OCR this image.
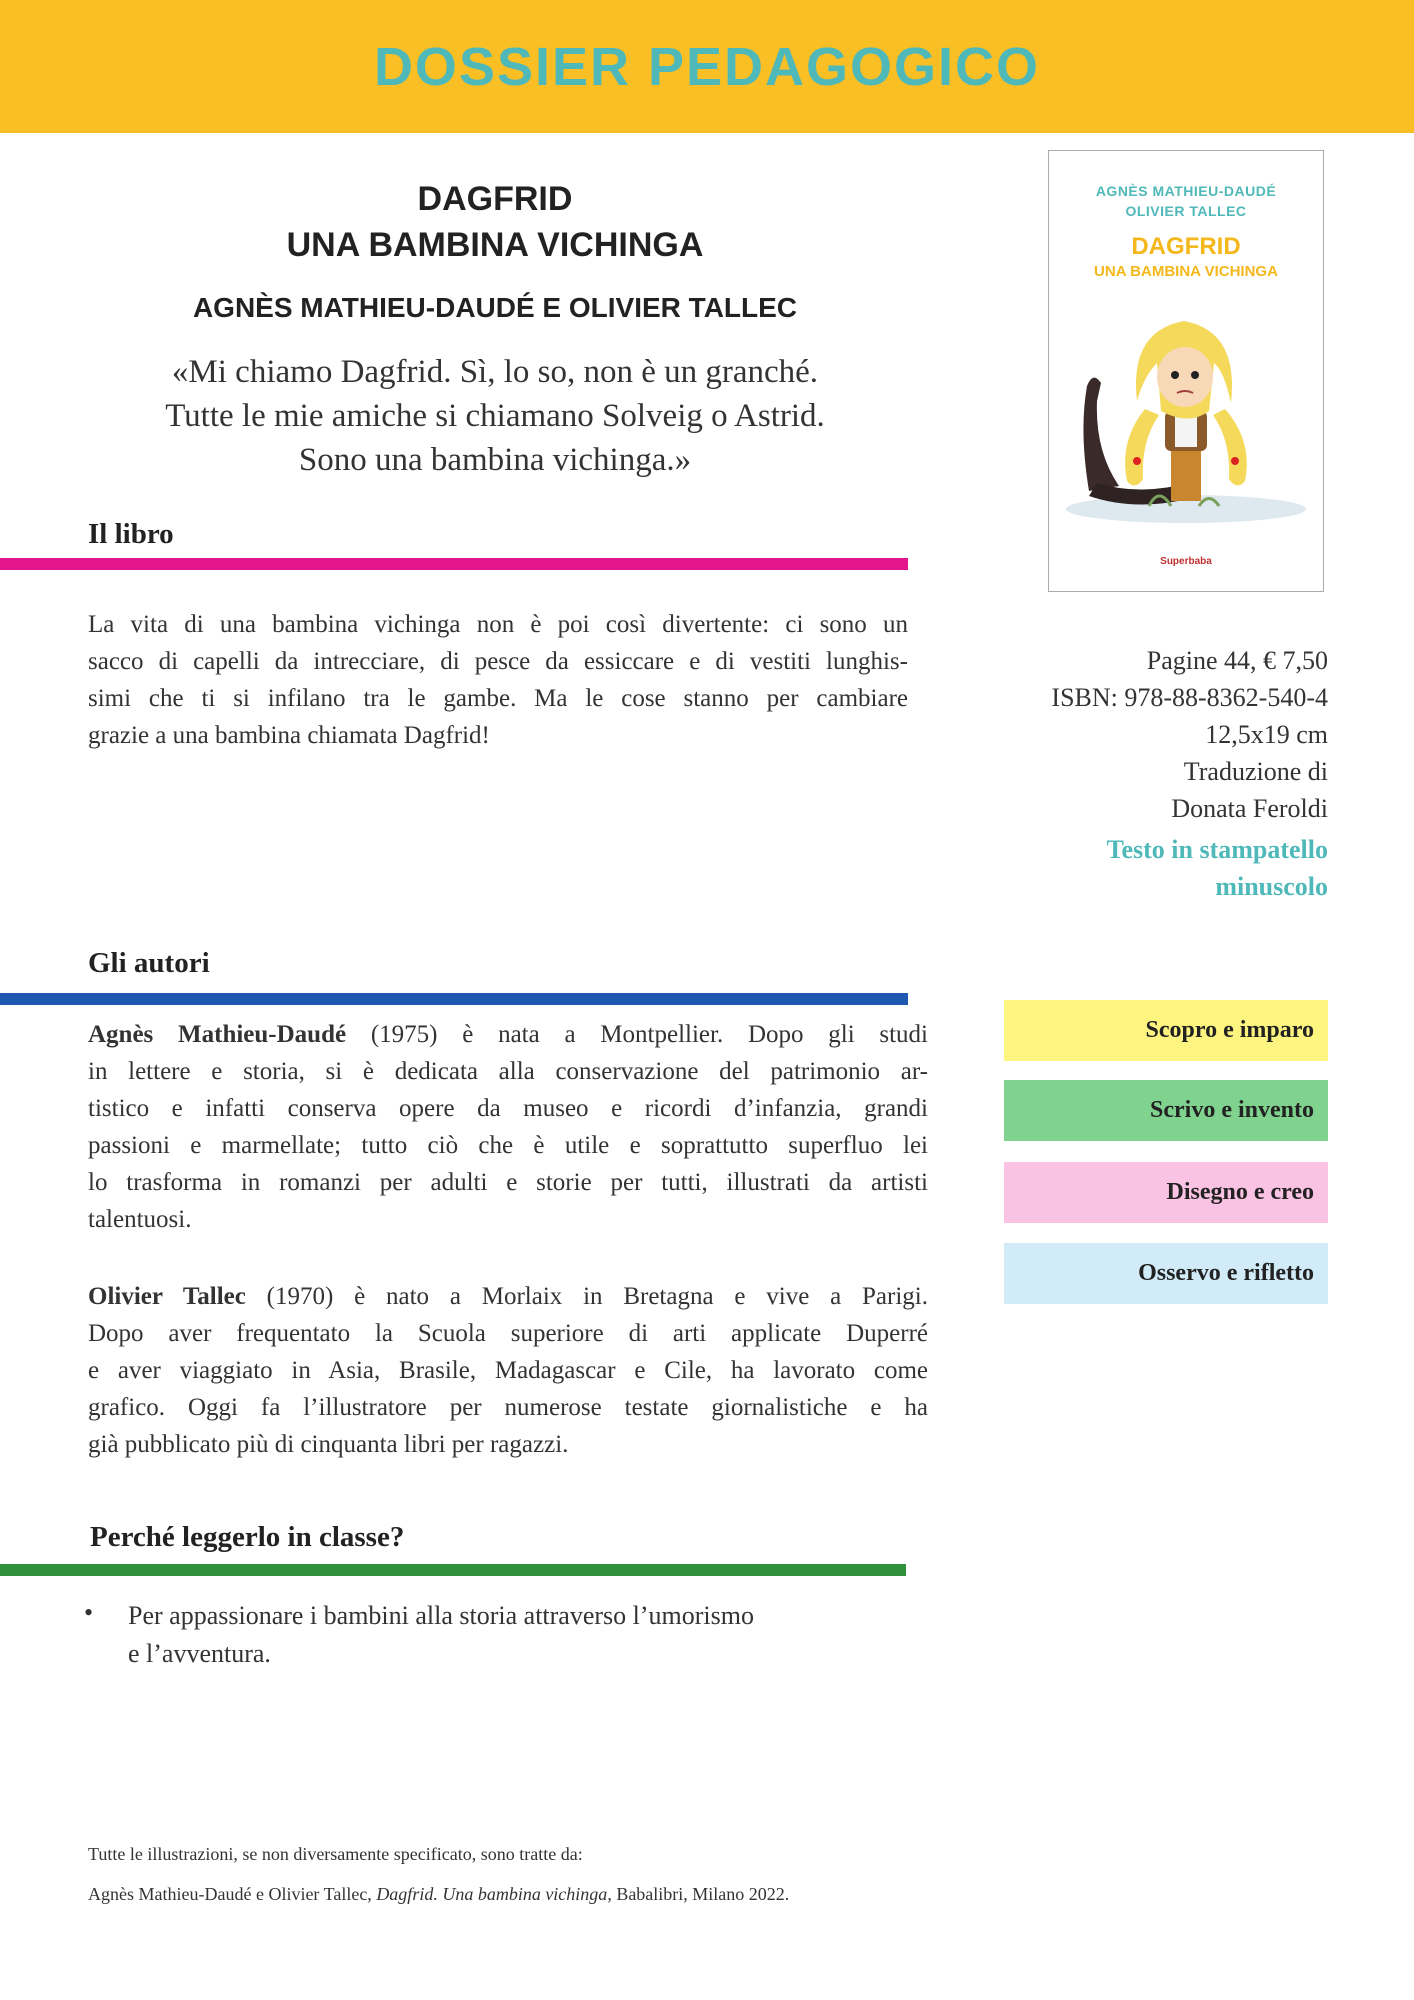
DOSSIER PEDAGOGICO
DAGFRID
UNA BAMBINA VICHINGA
AGNÈS MATHIEU-DAUDÉ E OLIVIER TALLEC
«Mi chiamo Dagfrid. Sì, lo so, non è un granché.
Tutte le mie amiche si chiamano Solveig o Astrid.
Sono una bambina vichinga.»
AGNÈS MATHIEU-DAUDÉ
OLIVIER TALLEC
DAGFRID
UNA BAMBINA VICHINGA
Superbaba
Pagine 44, € 7,50
ISBN: 978-88-8362-540-4
12,5x19 cm
Traduzione di
Donata Feroldi
Testo in stampatello
minuscolo
Il libro
La vita di una bambina vichinga non è poi così divertente: ci sono un
sacco di capelli da intrecciare, di pesce da essiccare e di vestiti lunghis-
simi che ti si infilano tra le gambe. Ma le cose stanno per cambiare
grazie a una bambina chiamata Dagfrid!
Gli autori
Agnès Mathieu-Daudé (1975) è nata a Montpellier. Dopo gli studi
in lettere e storia, si è dedicata alla conservazione del patrimonio ar-
tistico e infatti conserva opere da museo e ricordi d’infanzia, grandi
passioni e marmellate; tutto ciò che è utile e soprattutto superfluo lei
lo trasforma in romanzi per adulti e storie per tutti, illustrati da artisti
talentuosi.
Olivier Tallec (1970) è nato a Morlaix in Bretagna e vive a Parigi.
Dopo aver frequentato la Scuola superiore di arti applicate Duperré
e aver viaggiato in Asia, Brasile, Madagascar e Cile, ha lavorato come
grafico. Oggi fa l’illustratore per numerose testate giornalistiche e ha
già pubblicato più di cinquanta libri per ragazzi.
Scopro e imparo
Scrivo e invento
Disegno e creo
Osservo e rifletto
Perché leggerlo in classe?
• Per appassionare i bambini alla storia attraverso l’umorismo
e l’avventura.
Tutte le illustrazioni, se non diversamente specificato, sono tratte da:
Agnès Mathieu-Daudé e Olivier Tallec, Dagfrid. Una bambina vichinga, Babalibri, Milano 2022.
